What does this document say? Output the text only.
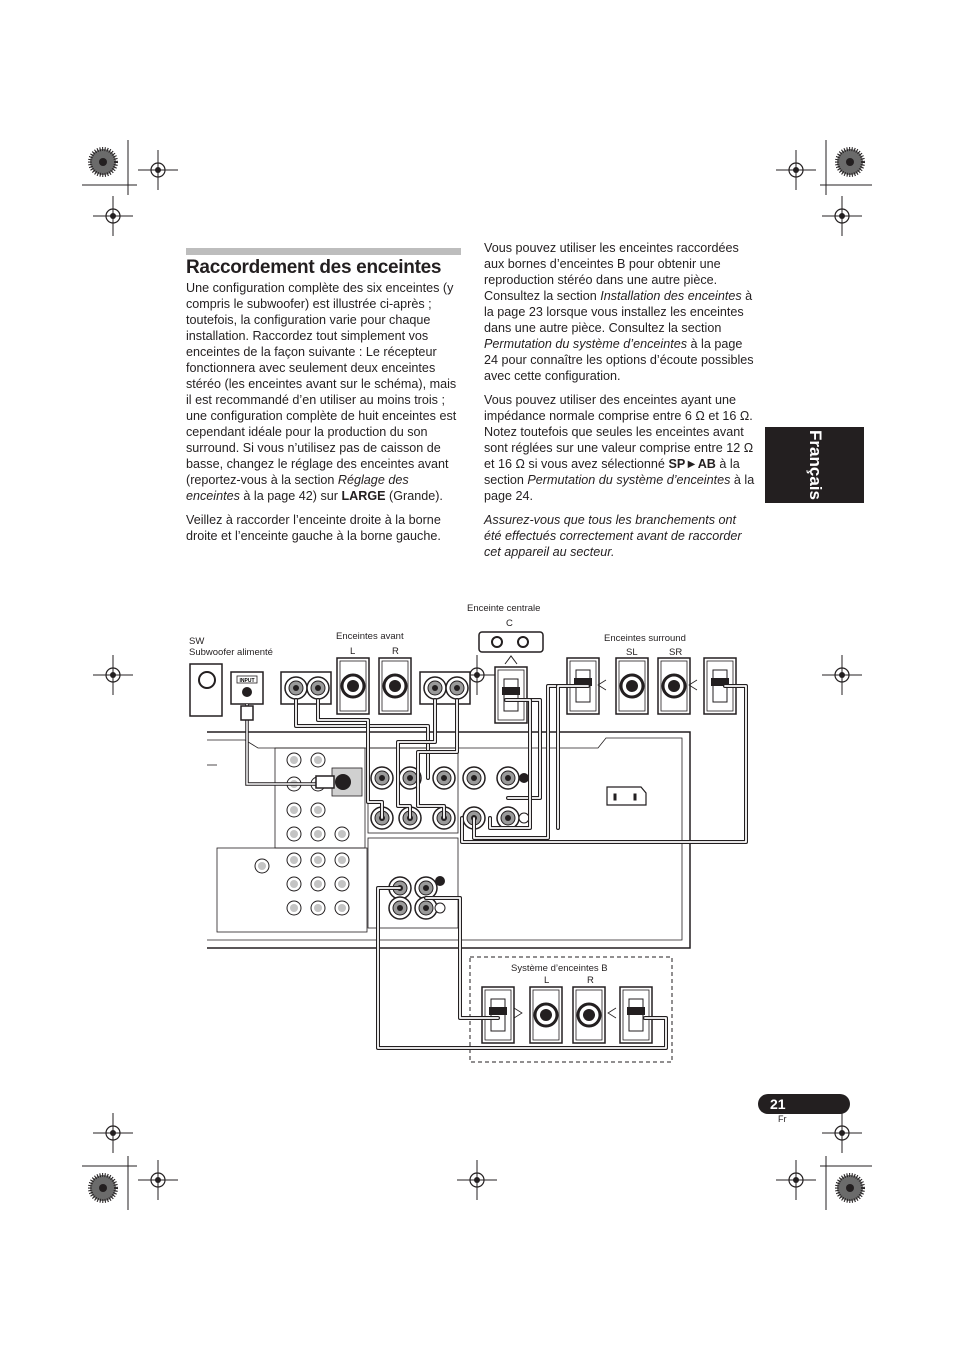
Raccordement des enceintes

Une configuration complète des six enceintes (y compris le subwoofer) est illustrée ci-après ; toutefois, la configuration varie pour chaque installation. Raccordez tout simplement vos enceintes de la façon suivante : Le récepteur fonctionnera avec seulement deux enceintes stéréo (les enceintes avant sur le schéma), mais il est recommandé d’en utiliser au moins trois ; une configuration complète de huit enceintes est cependant idéale pour la production du son surround. Si vous n’utilisez pas de caisson de basse, changez le réglage des enceintes avant (reportez-vous à la section Réglage des enceintes à la page 42) sur LARGE (Grande).

Veillez à raccorder l’enceinte droite à la borne droite et l’enceinte gauche à la borne gauche.

Vous pouvez utiliser les enceintes raccordées aux bornes d’enceintes B pour obtenir une reproduction stéréo dans une autre pièce. Consultez la section Installation des enceintes à la page 23 lorsque vous installez les enceintes dans une autre pièce. Consultez la section Permutation du système d’enceintes à la page 24 pour connaître les options d’écoute possibles avec cette configuration.

Vous pouvez utiliser des enceintes ayant une impédance normale comprise entre 6 Ω et 16 Ω.

Notez toutefois que seules les enceintes avant sont réglées sur une valeur comprise entre 12 Ω et 16 Ω si vous avez sélectionné SP►AB à la section Permutation du système d’enceintes à la page 24.

Assurez-vous que tous les branchements ont été effectués correctement avant de raccorder cet appareil au secteur.

Français
21
Fr
Enceinte centrale
C
SW
Subwoofer alimenté
Enceintes avant
L	R
Enceintes surround
SL	SR
Système d’enceintes B
L	R
INPUT
